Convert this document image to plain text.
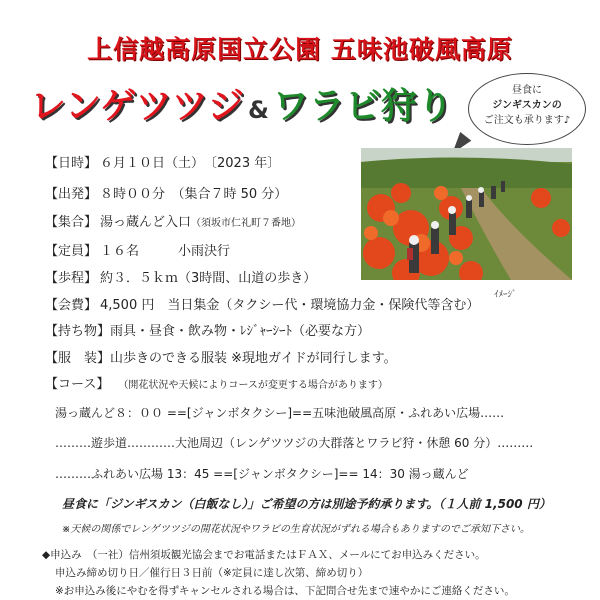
上信越高原国立公園 五味池破風高原
レンゲツツジ & ワラビ狩り	昼食に
ジンギスカンの
ご注文も承ります♪
ｲﾒｰｼﾞ
【日時】 ６月１０日（土）　〔2023 年〕
【出発】 ８時００分　（集合７時 50 分）
【集合】 湯っ蔵んど入口（須坂市仁礼町７番地）
【定員】 １６名　　　小雨決行
【歩程】 約３．５ｋｍ（3時間、山道の歩き）
【会費】 4,500 円　当日集金（タクシー代・環境協力金・保険代等含む）
【持ち物】雨具・昼食・飲み物・ﾚｼﾞｬｰｼｰﾄ（必要な方）
【服　装】山歩きのできる服装 ※現地ガイドが同行します。
【コース】 （開花状況や天候によりコースが変更する場合があります）
湯っ蔵んど８：００ ==[ジャンボタクシー]==五味池破風高原・ふれあい広場……
………遊歩道…………大池周辺（レンゲツツジの大群落とワラビ狩・休憩 60 分）………
………ふれあい広場 13：45 ==[ジャンボタクシー]== 14：30 湯っ蔵んど
昼食に「ジンギスカン（白飯なし）」ご希望の方は別途予約承ります。（１人前 1,500 円）
※天候の関係でレンゲツツジの開花状況やワラビの生育状況がずれる場合もありますのでご承知下さい。
◆申込み　（一社）信州須坂観光協会までお電話またはＦＡＸ、メールにてお申込みください。
申込み締め切り日／催行日３日前（※定員に達し次第、締め切り）
※お申込み後にやむを得ずキャンセルされる場合は、下記問合せ先まで速やかにご連絡ください。
